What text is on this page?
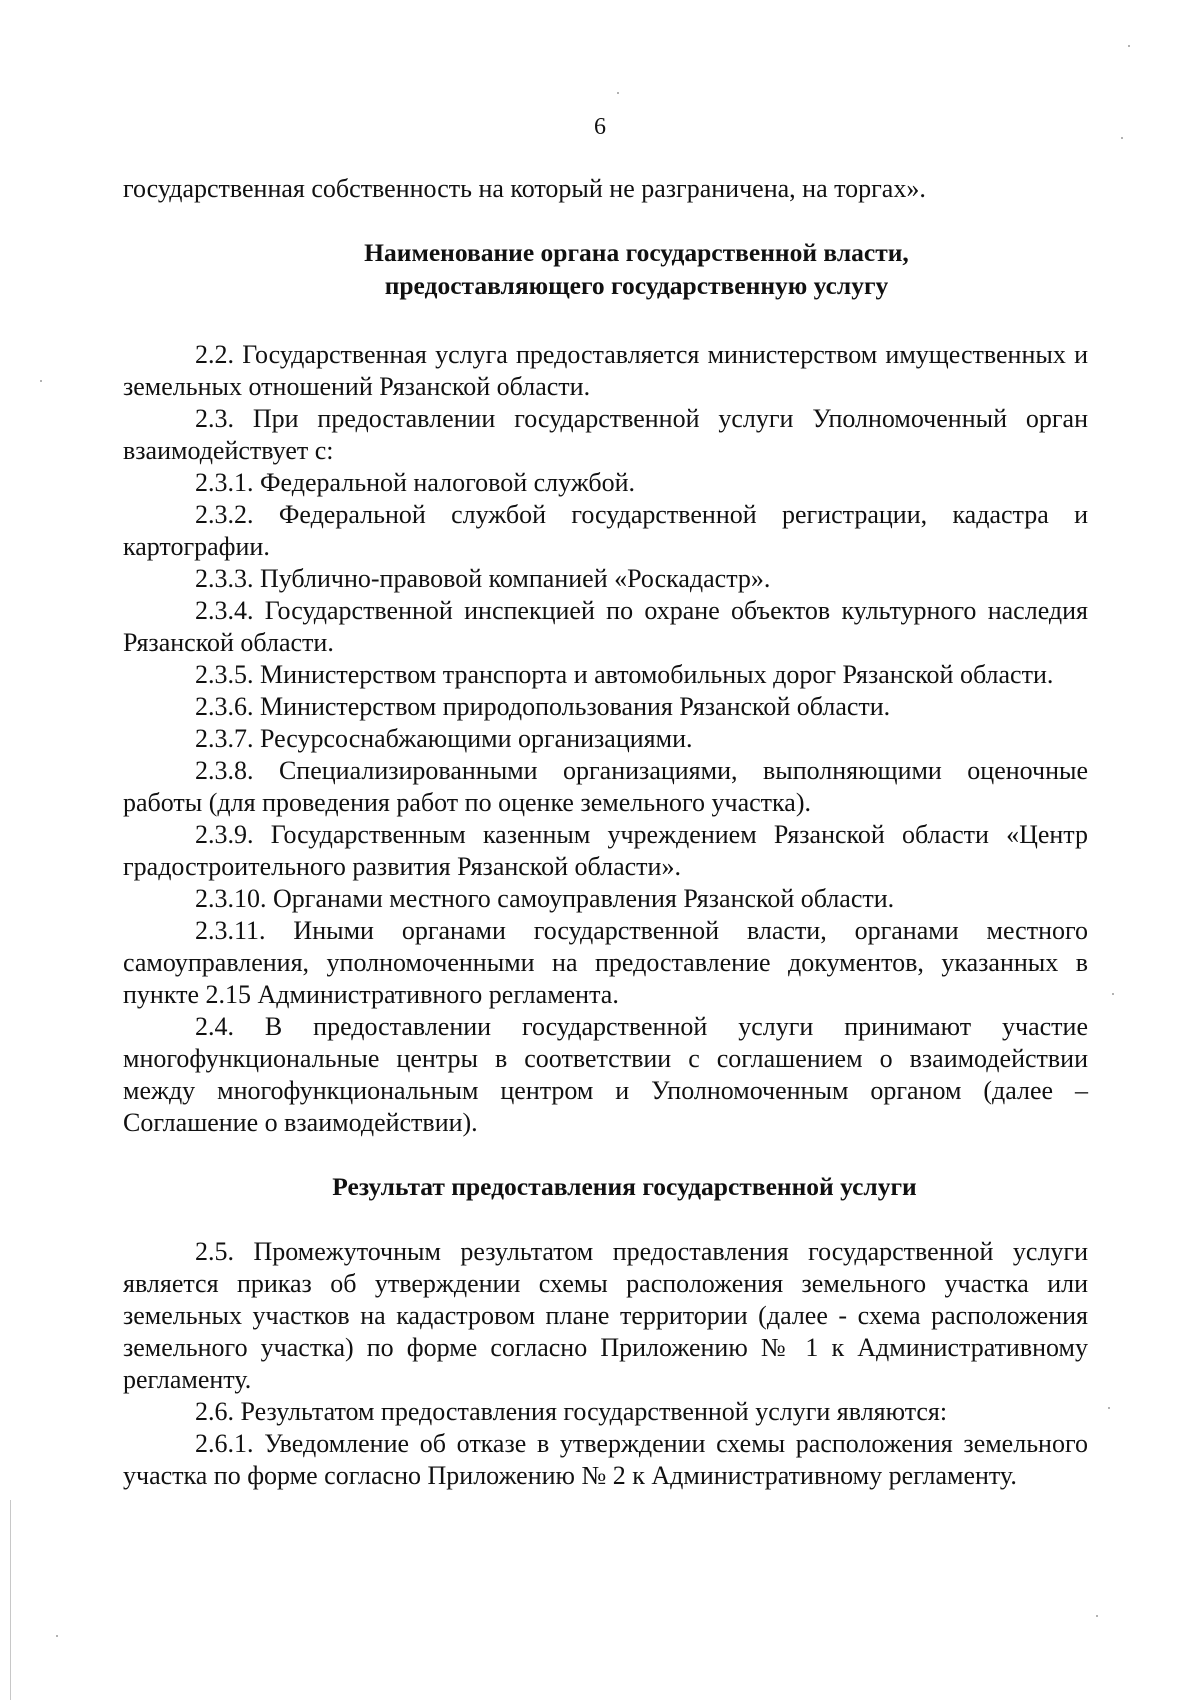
6

государственная собственность на который не разграничена, на торгах».

Наименование органа государственной власти,
предоставляющего государственную услугу

2.2. Государственная услуга предоставляется министерством имущественных и земельных отношений Рязанской области.

2.3. При предоставлении государственной услуги Уполномоченный орган взаимодействует с:

2.3.1. Федеральной налоговой службой.

2.3.2. Федеральной службой государственной регистрации, кадастра и картографии.

2.3.3. Публично-правовой компанией «Роскадастр».

2.3.4. Государственной инспекцией по охране объектов культурного наследия Рязанской области.

2.3.5. Министерством транспорта и автомобильных дорог Рязанской области.

2.3.6. Министерством природопользования Рязанской области.

2.3.7. Ресурсоснабжающими организациями.

2.3.8. Специализированными организациями, выполняющими оценочные работы (для проведения работ по оценке земельного участка).

2.3.9. Государственным казенным учреждением Рязанской области «Центр градостроительного развития Рязанской области».

2.3.10. Органами местного самоуправления Рязанской области.

2.3.11. Иными органами государственной власти, органами местного самоуправления, уполномоченными на предоставление документов, указанных в пункте 2.15 Административного регламента.

2.4. В предоставлении государственной услуги принимают участие многофункциональные центры в соответствии с соглашением о взаимодействии между многофункциональным центром и Уполномоченным органом (далее – Соглашение о взаимодействии).

Результат предоставления государственной услуги

2.5. Промежуточным результатом предоставления государственной услуги является приказ об утверждении схемы расположения земельного участка или земельных участков на кадастровом плане территории (далее - схема расположения земельного участка) по форме согласно Приложению № 1 к Административному регламенту.

2.6. Результатом предоставления государственной услуги являются:

2.6.1. Уведомление об отказе в утверждении схемы расположения земельного участка по форме согласно Приложению № 2 к Административному регламенту.
